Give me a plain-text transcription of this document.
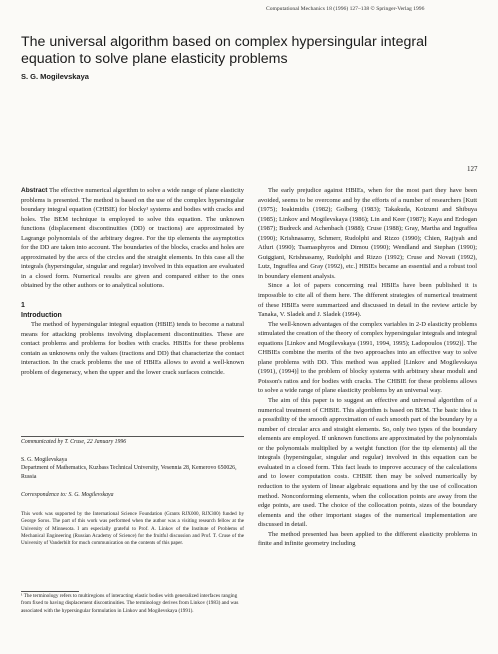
Computational Mechanics 18 (1996) 127–138 © Springer-Verlag 1996
The universal algorithm based on complex hypersingular integral equation to solve plane elasticity problems
S. G. Mogilevskaya
127

Abstract The effective numerical algorithm to solve a wide range of plane elasticity problems is presented. The method is based on the use of the complex hypersingular boundary integral equation (CHBIE) for blocky¹ systems and bodies with cracks and holes. The BEM technique is employed to solve this equation. The unknown functions (displacement discontinuities (DD) or tractions) are approximated by Lagrange polynomials of the arbitrary degree. For the tip elements the asymptotics for the DD are taken into account. The boundaries of the blocks, cracks and holes are approximated by the arcs of the circles and the straight elements. In this case all the integrals (hypersingular, singular and regular) involved in this equation are evaluated in a closed form. Numerical results are given and compared either to the ones obtained by the other authors or to analytical solutions.

1
Introduction

The method of hypersingular integral equation (HBIE) tends to become a natural means for attacking problems involving displacement discontinuities. These are contact problems and problems for bodies with cracks. HBIEs for these problems contain as unknowns only the values (tractions and DD) that characterize the contact interaction. In the crack problems the use of HBIEs allows to avoid a well-known problem of degeneracy, when the upper and the lower crack surfaces coincide.

Communicated by T. Cruse, 22 January 1996

S. G. Mogilevskaya

Department of Mathematics, Kuzbass Technical University, Vesennia 28, Kemerovo 650026, Russia

Correspondence to: S. G. Mogilevskaya

This work was supported by the International Science Foundation (Grants RJX000, RJX300) funded by George Soros. The part of this work was performed when the author was a visiting research fellow at the University of Minnesota. I am especially grateful to Prof. A. Linkov of the Institute of Problems of Mechanical Engineering (Russian Academy of Science) for the fruitful discussion and Prof. T. Cruse of the University of Vanderbilt for much communication on the contents of this paper.

¹ The terminology refers to multiregions of interacting elastic bodies with generalized interfaces ranging from fixed to having displacement discontinuities. The terminology derives from Linkov (1983) and was associated with the hypersingular formulation in Linkov and Mogilevskaya (1991).

The early prejudice against HBIEs, when for the most part they have been avoided, seems to be overcome and by the efforts of a number of researchers [Kutt (1975); Ioakimidis (1982); Golberg (1983); Takakuda, Koizumi and Shibuya (1985); Linkov and Mogilevskaya (1986); Lin and Keer (1987); Kaya and Erdogan (1987); Budreck and Achenbach (1988); Cruse (1988); Gray, Martha and Ingraffea (1990); Krishnasamy, Schmerr, Rudolphi and Rizzo (1990); Chien, Rajiyah and Atluri (1990); Tsamasphyros and Dimou (1990); Wendland and Stephan (1990); Guiggiani, Krishnasamy, Rudolphi and Rizzo (1992); Cruse and Novati (1992), Lutz, Ingraffea and Gray (1992), etc.] HBIEs became an essential and a robust tool in boundary element analysis.

Since a lot of papers concerning real HBIEs have been published it is impossible to cite all of them here. The different strategies of numerical treatment of these HBIEs were summarized and discussed in detail in the review article by Tanaka, V. Sladek and J. Sladek (1994).

The well-known advantages of the complex variables in 2-D elasticity problems stimulated the creation of the theory of complex hypersingular integrals and integral equations [Linkov and Mogilevskaya (1991, 1994, 1995); Ladopoulos (1992)]. The CHBIEs combine the merits of the two approaches into an effective way to solve plane problems with DD. This method was applied [Linkov and Mogilevskaya (1991), (1994)] to the problem of blocky systems with arbitrary shear moduli and Poisson's ratios and for bodies with cracks. The CHBIE for these problems allows to solve a wide range of plane elasticity problems by an universal way.

The aim of this paper is to suggest an effective and universal algorithm of a numerical treatment of CHBIE. This algorithm is based on BEM. The basic idea is a possibility of the smooth approximation of each smooth part of the boundary by a number of circular arcs and straight elements. So, only two types of the boundary elements are employed. If unknown functions are approximated by the polynomials or the polynomials multiplied by a weight function (for the tip elements) all the integrals (hypersingular, singular and regular) involved in this equation can be evaluated in a closed form. This fact leads to improve accuracy of the calculations and to lower computation costs. CHBIE then may be solved numerically by reduction to the system of linear algebraic equations and by the use of collocation method. Nonconforming elements, when the collocation points are away from the edge points, are used. The choice of the collocation points, sizes of the boundary elements and the other important stages of the numerical implementation are discussed in detail.

The method presented has been applied to the different elasticity problems in finite and infinite geometry including
